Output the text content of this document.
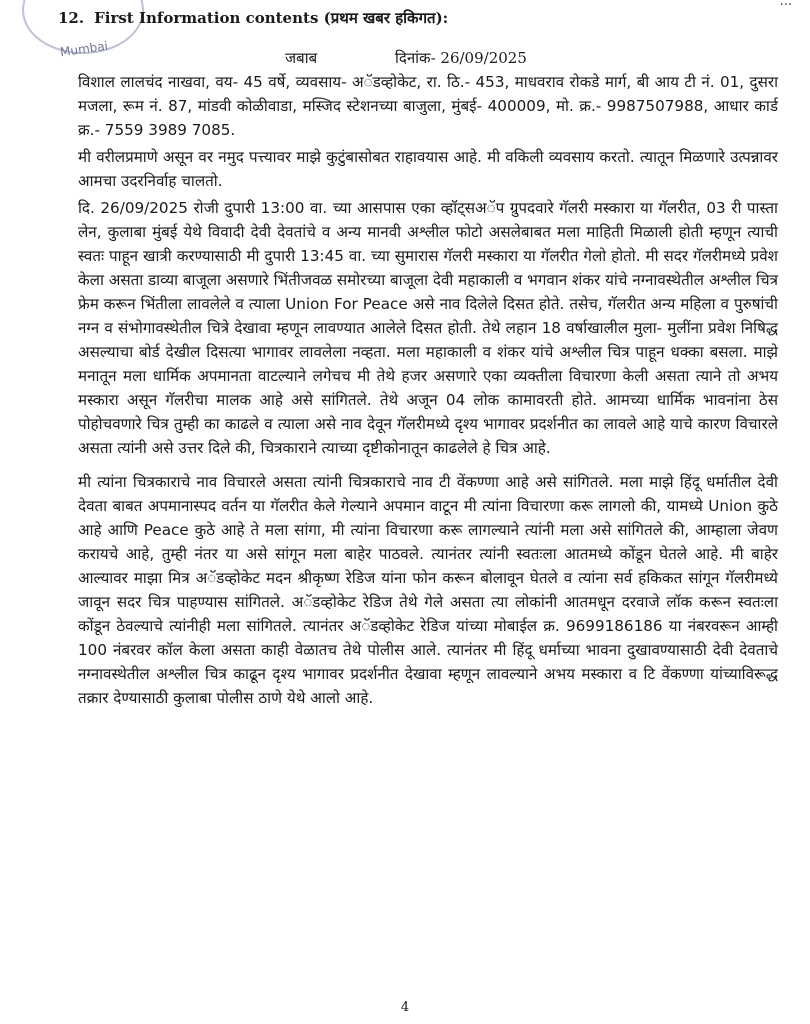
Mumbai
...
12. First Information contents (प्रथम खबर हकिगत):
जबाब	दिनांक- 26/09/2025

विशाल लालचंद नाखवा, वय- 45 वर्षे, व्यवसाय- अॅडव्होकेट, रा. ठि.- 453, माधवराव रोकडे मार्ग, बी आय टी नं. 01, दुसरा मजला, रूम नं. 87, मांडवी कोळीवाडा, मस्जिद स्टेशनच्या बाजुला, मुंबई- 400009, मो. क्र.- 9987507988, आधार कार्ड क्र.- 7559 3989 7085.

मी वरीलप्रमाणे असून वर नमुद पत्त्यावर माझे कुटुंबासोबत राहावयास आहे. मी वकिली व्यवसाय करतो. त्यातून मिळणारे उत्पन्नावर आमचा उदरनिर्वाह चालतो.

दि. 26/09/2025 रोजी दुपारी 13:00 वा. च्या आसपास एका व्हॉट्सअॅप ग्रुपदवारे गॅलरी मस्कारा या गॅलरीत, 03 री पास्ता लेन, कुलाबा मुंबई येथे विवादी देवी देवतांचे व अन्य मानवी अश्लील फोटो असलेबाबत मला माहिती मिळाली होती म्हणून त्याची स्वतः पाहून खात्री करण्यासाठी मी दुपारी 13:45 वा. च्या सुमारास गॅलरी मस्कारा या गॅलरीत गेलो होतो. मी सदर गॅलरीमध्ये प्रवेश केला असता डाव्या बाजूला असणारे भिंतीजवळ समोरच्या बाजूला देवी महाकाली व भगवान शंकर यांचे नग्नावस्थेतील अश्लील चित्र फ्रेम करून भिंतीला लावलेले व त्याला Union For Peace असे नाव दिलेले दिसत होते. तसेच, गॅलरीत अन्य महिला व पुरुषांची नग्न व संभोगावस्थेतील चित्रे देखावा म्हणून लावण्यात आलेले दिसत होती. तेथे लहान 18 वर्षाखालील मुला- मुलींना प्रवेश निषिद्ध असल्याचा बोर्ड देखील दिसत्या भागावर लावलेला नव्हता. मला महाकाली व शंकर यांचे अश्लील चित्र पाहून धक्का बसला. माझे मनातून मला धार्मिक अपमानता वाटल्याने लगेचच मी तेथे हजर असणारे एका व्यक्तीला विचारणा केली असता त्याने तो अभय मस्कारा असून गॅलरीचा मालक आहे असे सांगितले. तेथे अजून 04 लोक कामावरती होते. आमच्या धार्मिक भावनांना ठेस पोहोचवणारे चित्र तुम्ही का काढले व त्याला असे नाव देवून गॅलरीमध्ये दृश्य भागावर प्रदर्शनीत का लावले आहे याचे कारण विचारले असता त्यांनी असे उत्तर दिले की, चित्रकाराने त्याच्या दृष्टीकोनातून काढलेले हे चित्र आहे.

मी त्यांना चित्रकाराचे नाव विचारले असता त्यांनी चित्रकाराचे नाव टी वेंकण्णा आहे असे सांगितले. मला माझे हिंदू धर्मातील देवी देवता बाबत अपमानास्पद वर्तन या गॅलरीत केले गेल्याने अपमान वाटून मी त्यांना विचारणा करू लागलो की, यामध्ये Union कुठे आहे आणि Peace कुठे आहे ते मला सांगा, मी त्यांना विचारणा करू लागल्याने त्यांनी मला असे सांगितले की, आम्हाला जेवण करायचे आहे, तुम्ही नंतर या असे सांगून मला बाहेर पाठवले. त्यानंतर त्यांनी स्वतःला आतमध्ये कोंडून घेतले आहे. मी बाहेर आल्यावर माझा मित्र अॅडव्होकेट मदन श्रीकृष्ण रेडिज यांना फोन करून बोलावून घेतले व त्यांना सर्व हकिकत सांगून गॅलरीमध्ये जावून सदर चित्र पाहण्यास सांगितले. अॅडव्होकेट रेडिज तेथे गेले असता त्या लोकांनी आतमधून दरवाजे लॉक करून स्वतःला कोंडून ठेवल्याचे त्यांनीही मला सांगितले. त्यानंतर अॅडव्होकेट रेडिज यांच्या मोबाईल क्र. 9699186186 या नंबरवरून आम्ही 100 नंबरवर कॉल केला असता काही वेळातच तेथे पोलीस आले. त्यानंतर मी हिंदू धर्माच्या भावना दुखावण्यासाठी देवी देवताचे नग्नावस्थेतील अश्लील चित्र काढून दृश्य भागावर प्रदर्शनीत देखावा म्हणून लावल्याने अभय मस्कारा व टि वेंकण्णा यांच्याविरूद्ध तक्रार देण्यासाठी कुलाबा पोलीस ठाणे येथे आलो आहे.

4
